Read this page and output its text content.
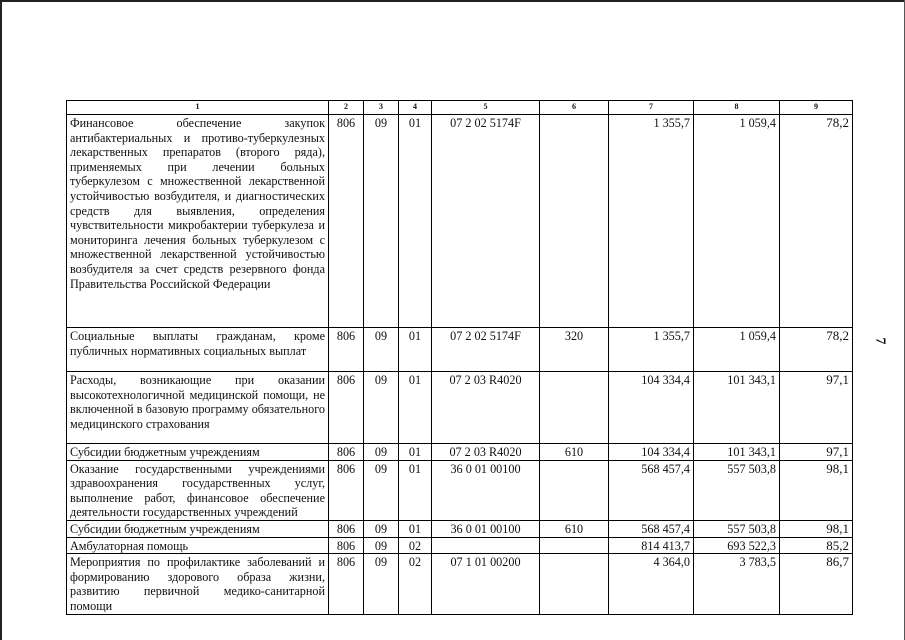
1	2	3	4	5	6	7	8	9
Финансовое обеспечение закупок антибактериальных и противо-туберкулезных лекарственных препаратов (второго ряда), применяемых при лечении больных туберкулезом с множественной лекарственной устойчивостью возбудителя, и диагностических средств для выявления, определения чувствительности микробактерии туберкулеза и мониторинга лечения больных туберкулезом с множественной лекарственной устойчивостью возбудителя за счет средств резервного фонда Правительства Российской Федерации	806	09	01	07 2 02 5174F		1 355,7	1 059,4	78,2
Социальные выплаты гражданам, кроме публичных нормативных социальных выплат	806	09	01	07 2 02 5174F	320	1 355,7	1 059,4	78,2
Расходы, возникающие при оказании высокотехнологичной медицинской помощи, не включенной в базовую программу обязательного медицинского страхования	806	09	01	07 2 03 R4020		104 334,4	101 343,1	97,1
Субсидии бюджетным учреждениям	806	09	01	07 2 03 R4020	610	104 334,4	101 343,1	97,1
Оказание государственными учреждениями здравоохранения государственных услуг, выполнение работ, финансовое обеспечение деятельности государственных учреждений	806	09	01	36 0 01 00100		568 457,4	557 503,8	98,1
Субсидии бюджетным учреждениям	806	09	01	36 0 01 00100	610	568 457,4	557 503,8	98,1
Амбулаторная помощь	806	09	02			814 413,7	693 522,3	85,2
Мероприятия по профилактике заболеваний и формированию здорового образа жизни, развитию первичной медико-санитарной помощи	806	09	02	07 1 01 00200		4 364,0	3 783,5	86,7
7
